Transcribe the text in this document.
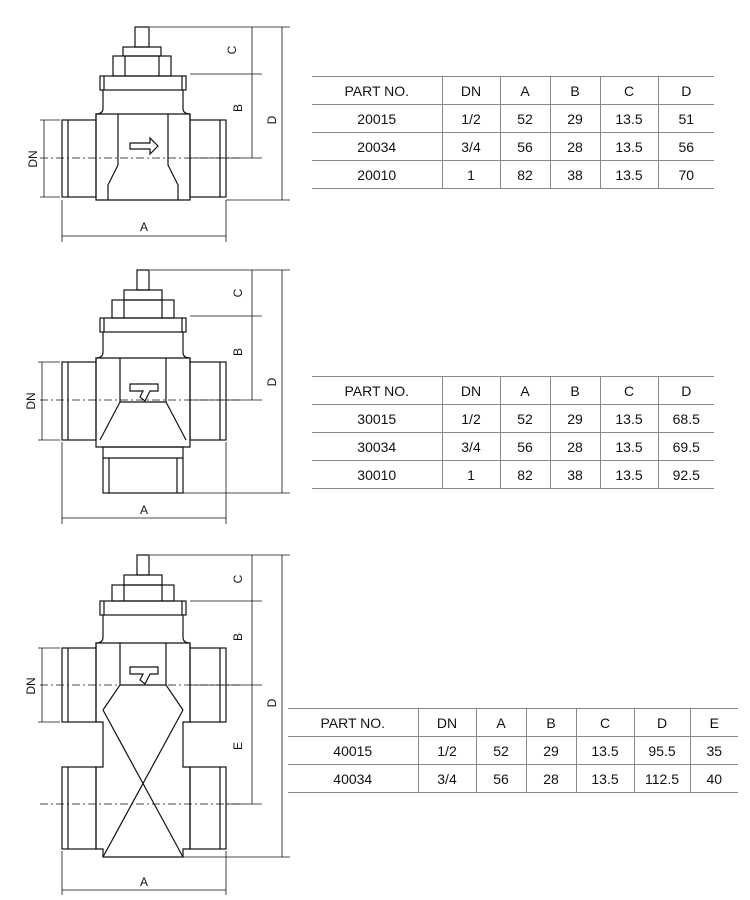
A
DN
C
B
D
PART NO.	DN	A	B	C	D
20015	1/2	52	29	13.5	51
20034	3/4	56	28	13.5	56
20010	1	82	38	13.5	70
A
DN
C
B
D
PART NO.	DN	A	B	C	D
30015	1/2	52	29	13.5	68.5
30034	3/4	56	28	13.5	69.5
30010	1	82	38	13.5	92.5
A
DN
C
B
E
D
PART NO.	DN	A	B	C	D	E
40015	1/2	52	29	13.5	95.5	35
40034	3/4	56	28	13.5	112.5	40
